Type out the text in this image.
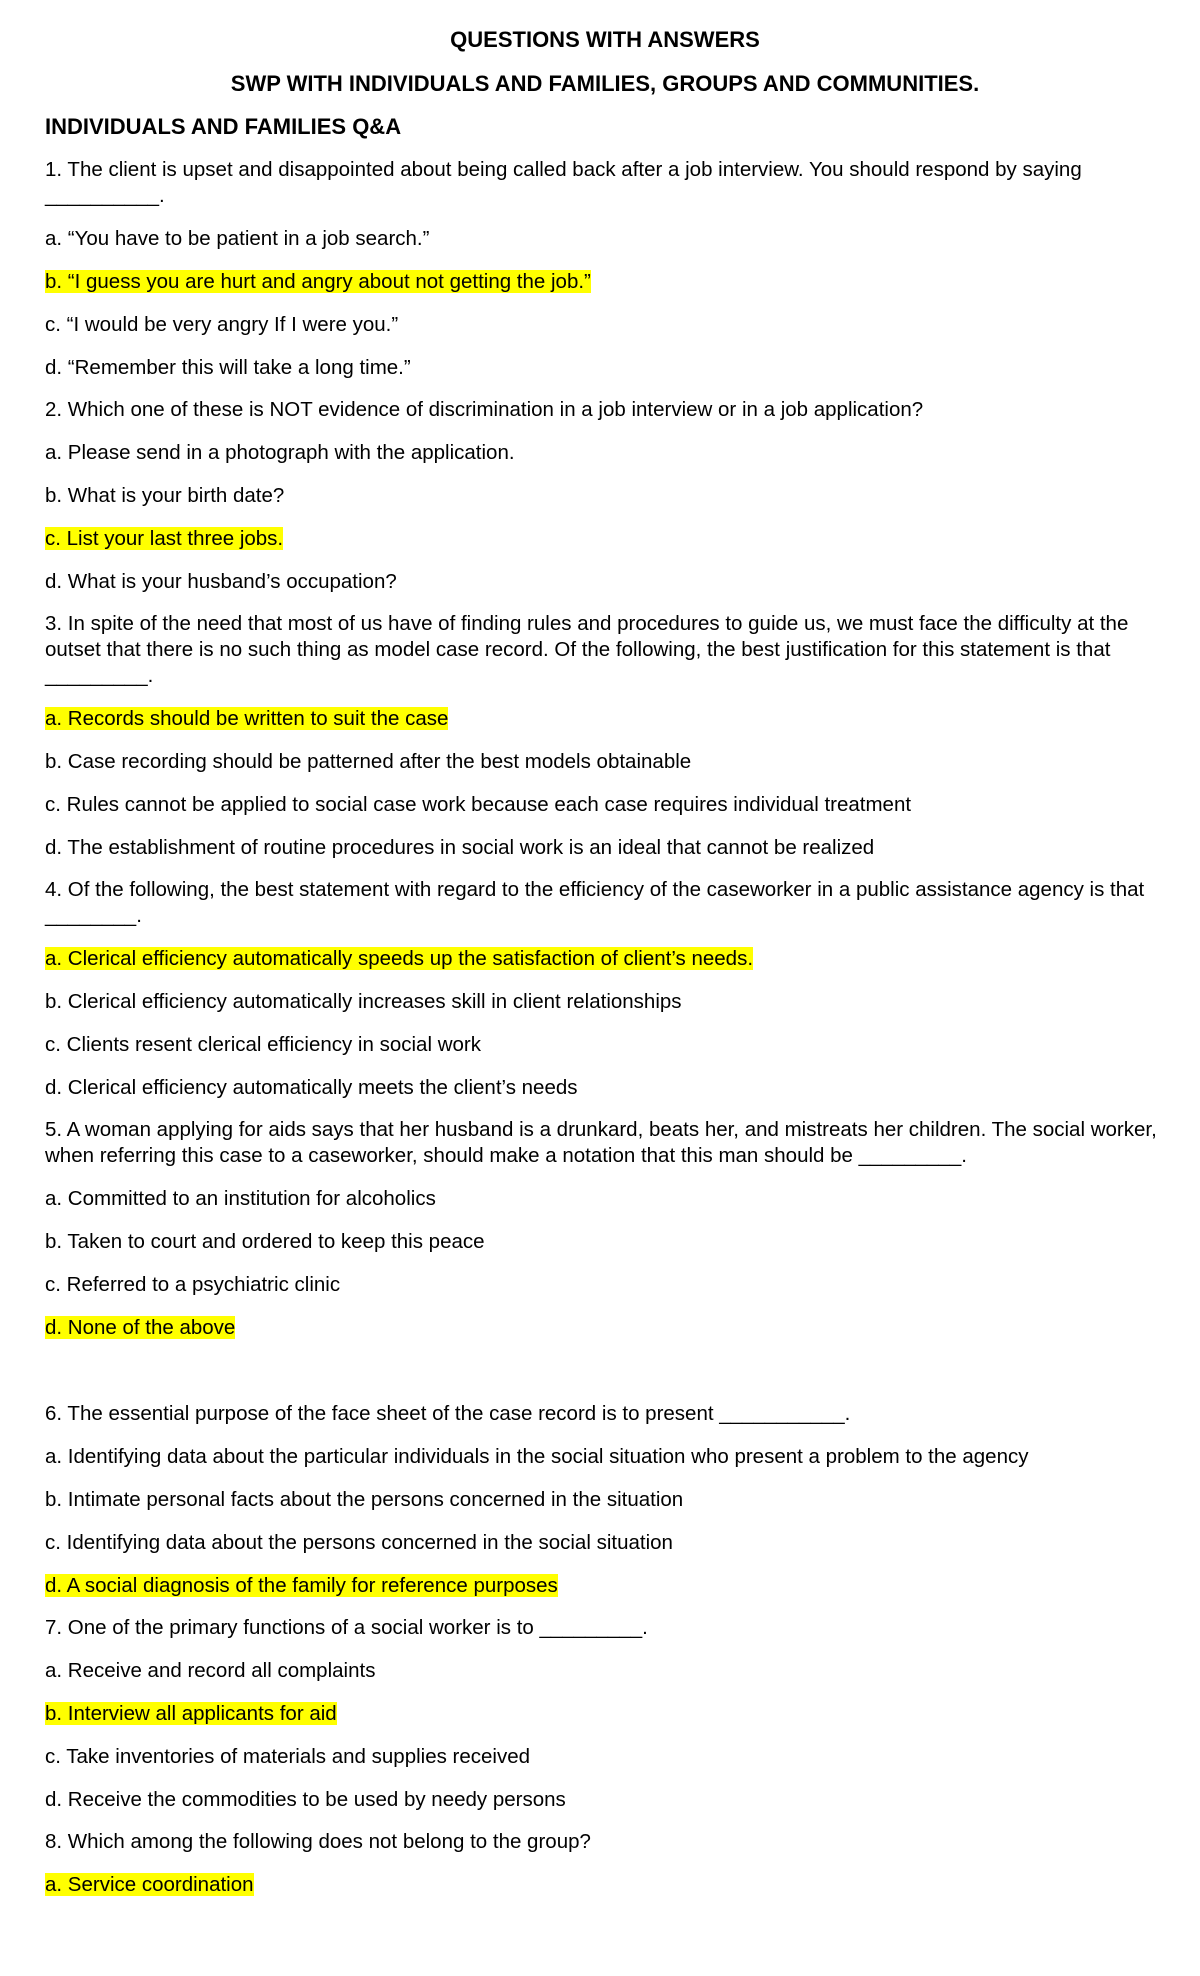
QUESTIONS WITH ANSWERS

SWP WITH INDIVIDUALS AND FAMILIES, GROUPS AND COMMUNITIES.

INDIVIDUALS AND FAMILIES Q&A

1. The client is upset and disappointed about being called back after a job interview. You should respond by saying
__________.

a. “You have to be patient in a job search.”

b. “I guess you are hurt and angry about not getting the job.”

c. “I would be very angry If I were you.”

d. “Remember this will take a long time.”

2. Which one of these is NOT evidence of discrimination in a job interview or in a job application?

a. Please send in a photograph with the application.

b. What is your birth date?

c. List your last three jobs.

d. What is your husband’s occupation?

3. In spite of the need that most of us have of finding rules and procedures to guide us, we must face the difficulty at the outset that there is no such thing as model case record. Of the following, the best justification for this statement is that _________.

a. Records should be written to suit the case

b. Case recording should be patterned after the best models obtainable

c. Rules cannot be applied to social case work because each case requires individual treatment

d. The establishment of routine procedures in social work is an ideal that cannot be realized

4. Of the following, the best statement with regard to the efficiency of the caseworker in a public assistance agency is that ________.

a. Clerical efficiency automatically speeds up the satisfaction of client’s needs.

b. Clerical efficiency automatically increases skill in client relationships

c. Clients resent clerical efficiency in social work

d. Clerical efficiency automatically meets the client’s needs

5. A woman applying for aids says that her husband is a drunkard, beats her, and mistreats her children. The social worker, when referring this case to a caseworker, should make a notation that this man should be _________.

a. Committed to an institution for alcoholics

b. Taken to court and ordered to keep this peace

c. Referred to a psychiatric clinic

d. None of the above

6. The essential purpose of the face sheet of the case record is to present ___________.

a. Identifying data about the particular individuals in the social situation who present a problem to the agency

b. Intimate personal facts about the persons concerned in the situation

c. Identifying data about the persons concerned in the social situation

d. A social diagnosis of the family for reference purposes

7. One of the primary functions of a social worker is to _________.

a. Receive and record all complaints

b. Interview all applicants for aid

c. Take inventories of materials and supplies received

d. Receive the commodities to be used by needy persons

8. Which among the following does not belong to the group?

a. Service coordination
